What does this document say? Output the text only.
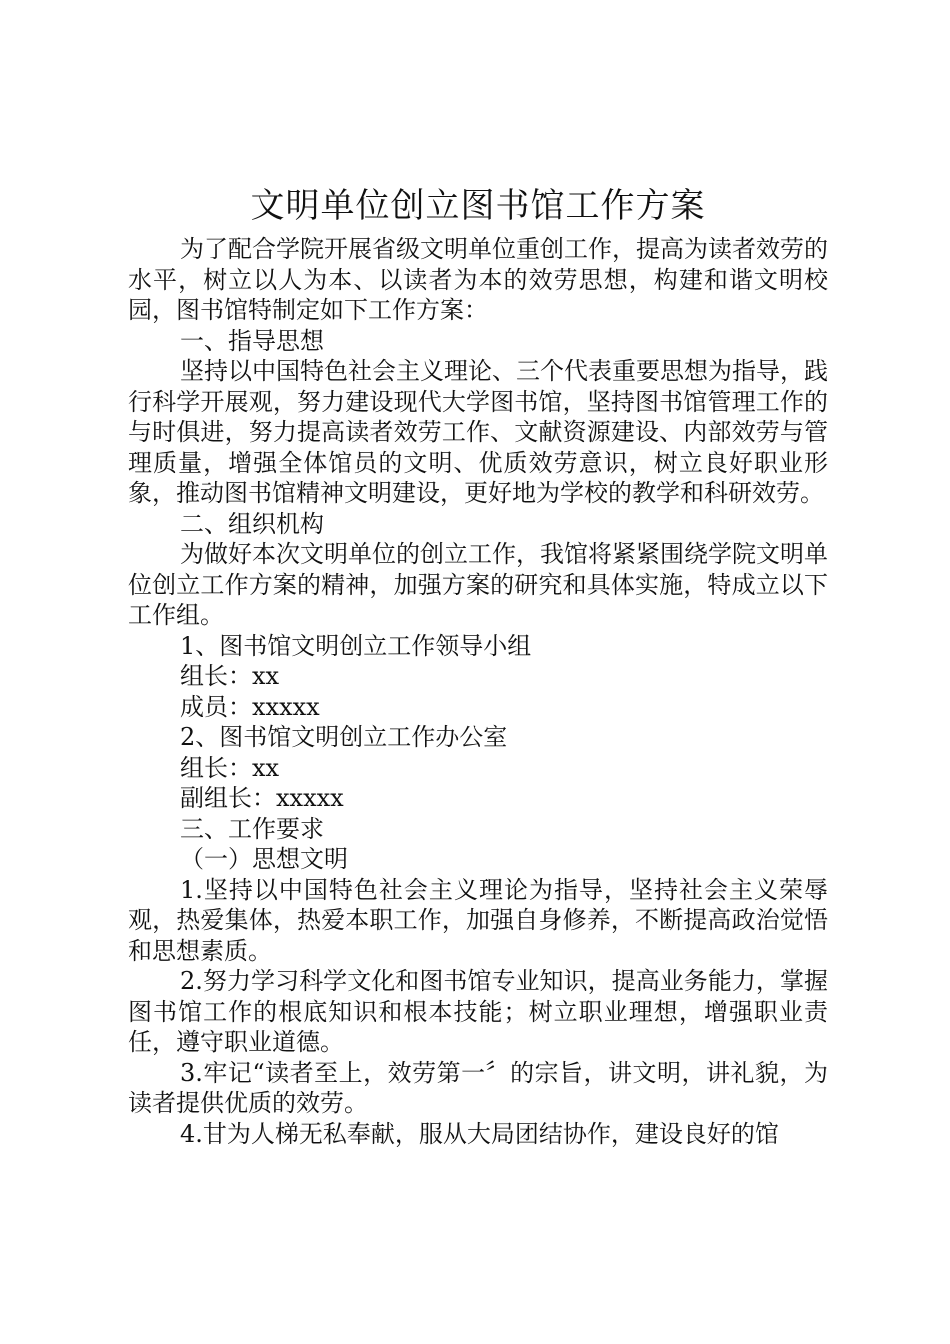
文明单位创立图书馆工作方案

为了配合学院开展省级文明单位重创工作，提高为读者效劳的水平，树立以人为本、以读者为本的效劳思想，构建和谐文明校园，图书馆特制定如下工作方案：

一、指导思想

坚持以中国特色社会主义理论、三个代表重要思想为指导，践行科学开展观，努力建设现代大学图书馆，坚持图书馆管理工作的与时俱进，努力提高读者效劳工作、文献资源建设、内部效劳与管理质量，增强全体馆员的文明、优质效劳意识，树立良好职业形象，推动图书馆精神文明建设，更好地为学校的教学和科研效劳。

二、组织机构

为做好本次文明单位的创立工作，我馆将紧紧围绕学院文明单位创立工作方案的精神，加强方案的研究和具体实施，特成立以下工作组。

1、图书馆文明创立工作领导小组

组长：xx

成员：xxxxx

2、图书馆文明创立工作办公室

组长：xx

副组长：xxxxx

三、工作要求

（一）思想文明

1.坚持以中国特色社会主义理论为指导，坚持社会主义荣辱观，热爱集体，热爱本职工作，加强自身修养，不断提高政治觉悟和思想素质。

2.努力学习科学文化和图书馆专业知识，提高业务能力，掌握图书馆工作的根底知识和根本技能；树立职业理想，增强职业责任，遵守职业道德。

3.牢记“读者至上，效劳第一〞的宗旨，讲文明，讲礼貌，为读者提供优质的效劳。

4.甘为人梯无私奉献，服从大局团结协作，建设良好的馆
